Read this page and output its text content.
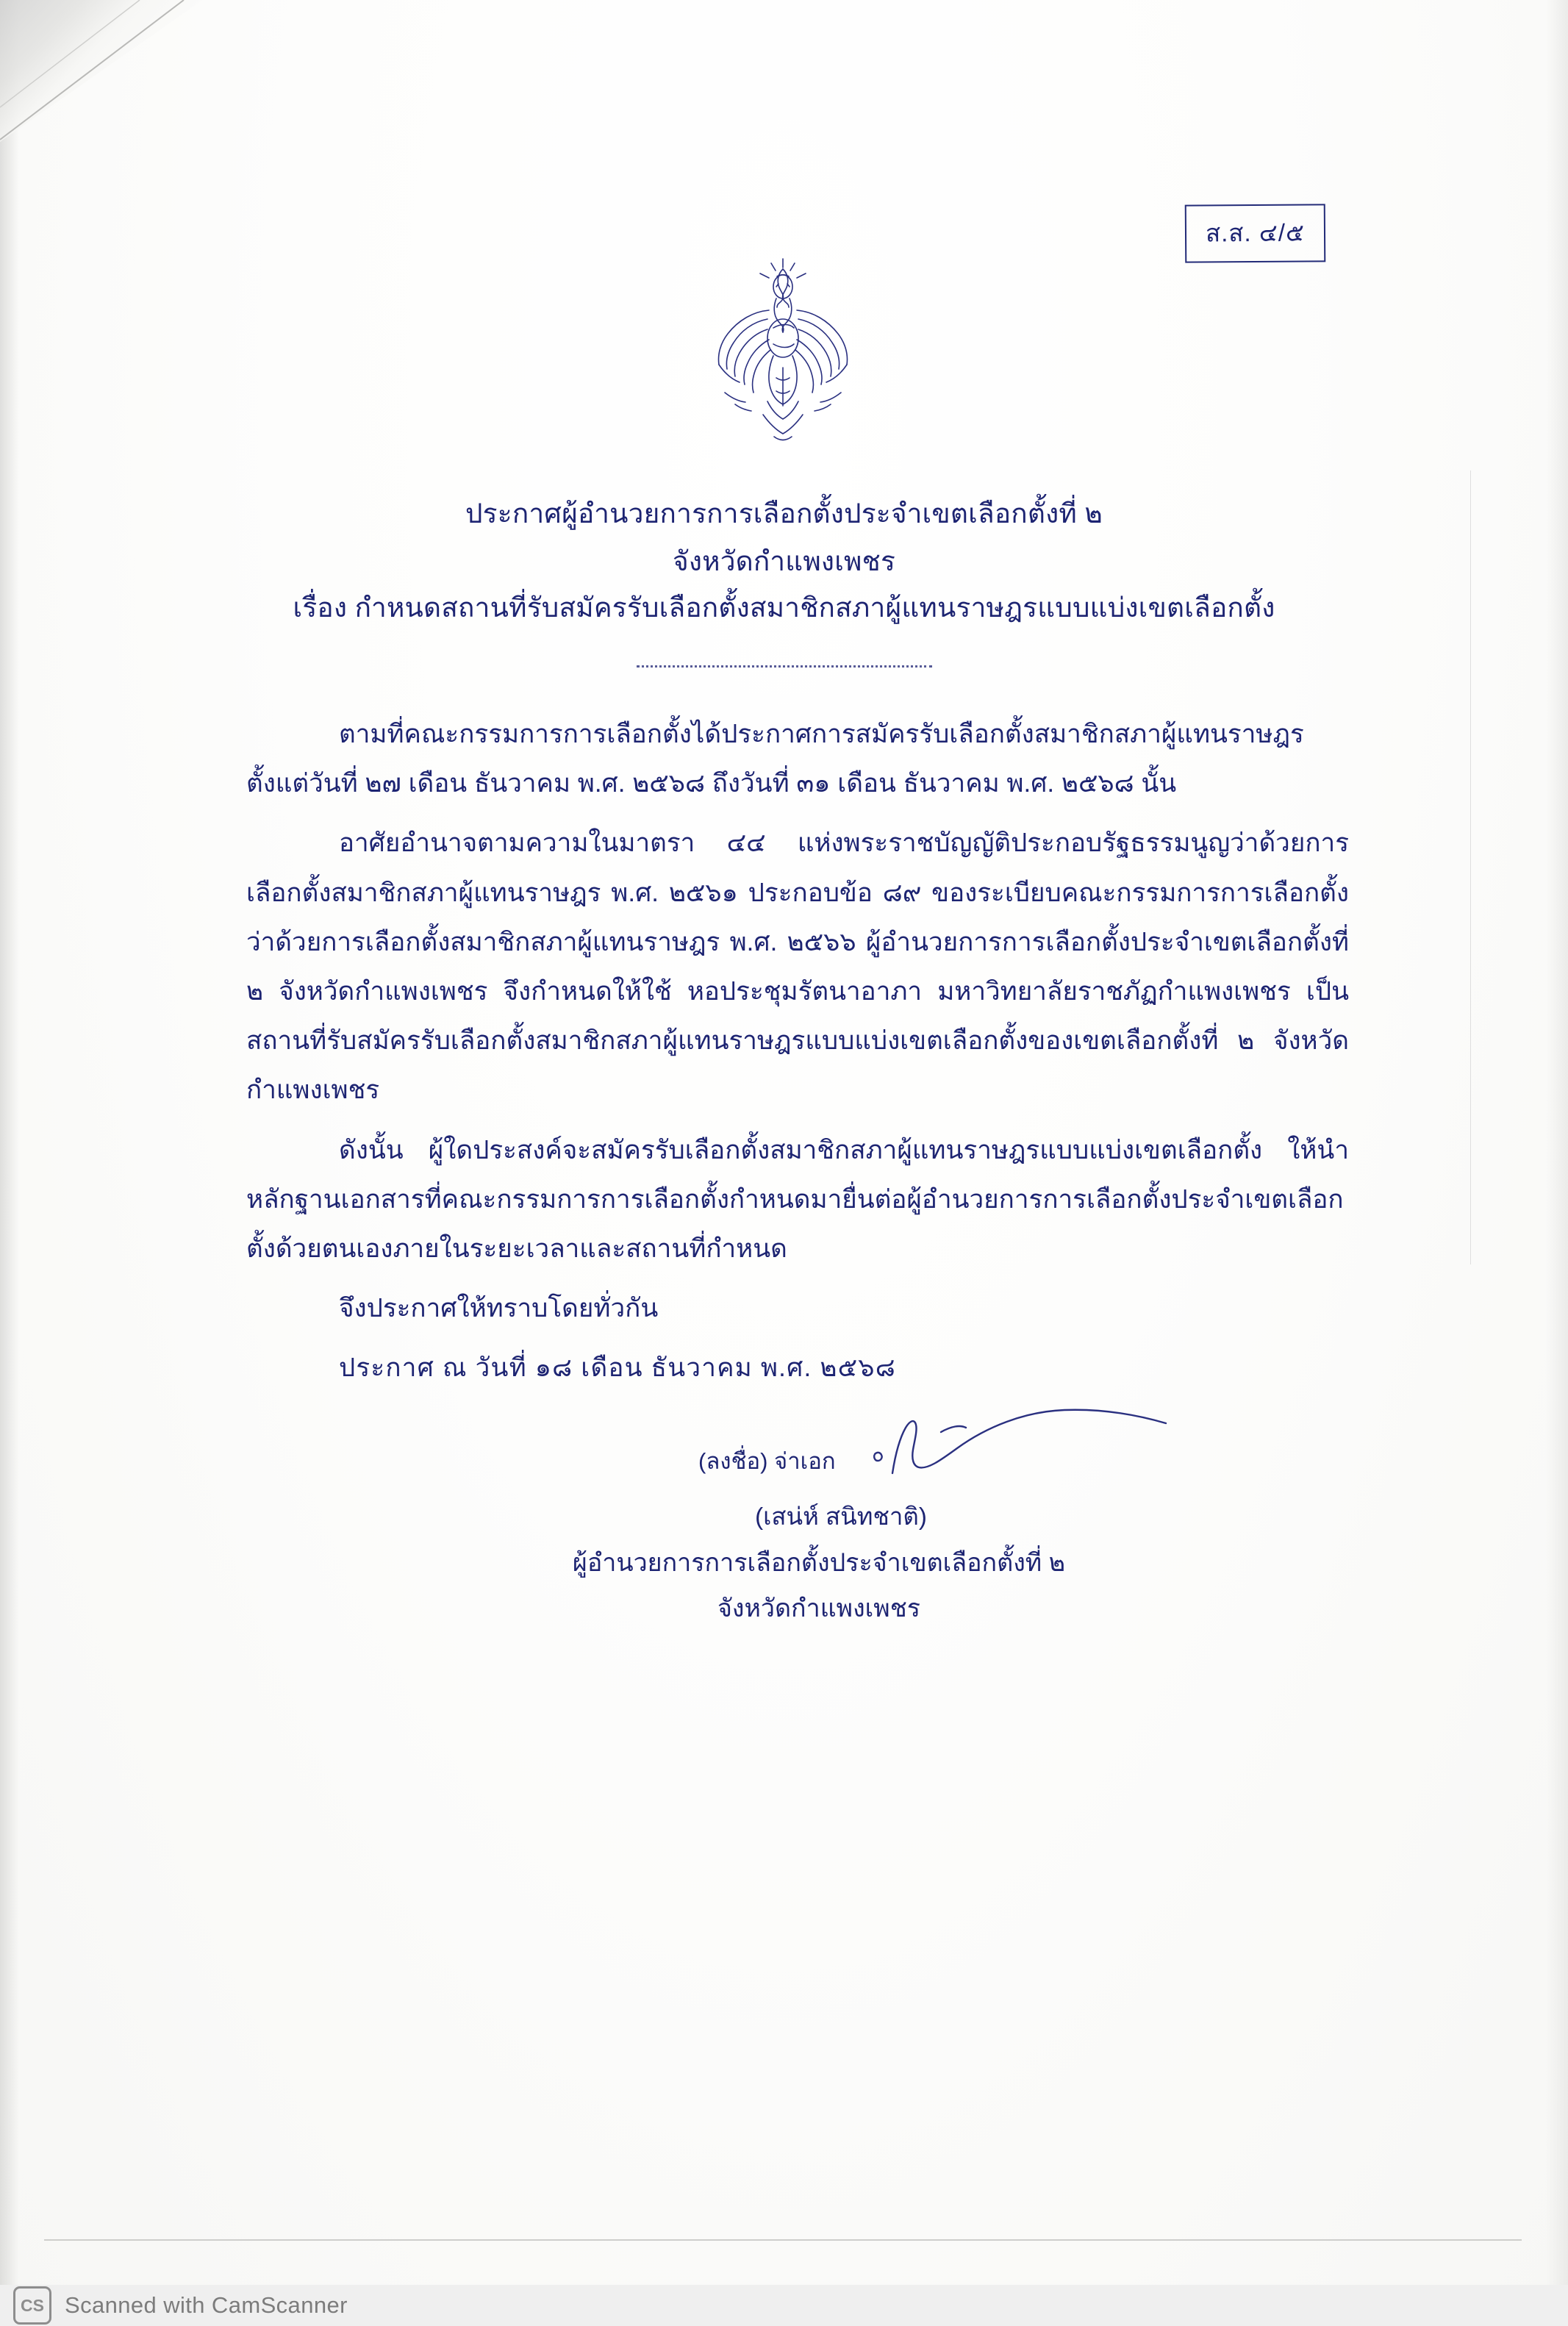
ส.ส. ๔/๕
ประกาศผู้อำนวยการการเลือกตั้งประจำเขตเลือกตั้งที่ ๒
จังหวัดกำแพงเพชร
เรื่อง กำหนดสถานที่รับสมัครรับเลือกตั้งสมาชิกสภาผู้แทนราษฎรแบบแบ่งเขตเลือกตั้ง

ตามที่คณะกรรมการการเลือกตั้งได้ประกาศการสมัครรับเลือกตั้งสมาชิกสภาผู้แทนราษฎร ตั้งแต่วันที่ ๒๗ เดือน ธันวาคม พ.ศ. ๒๕๖๘ ถึงวันที่ ๓๑ เดือน ธันวาคม พ.ศ. ๒๕๖๘ นั้น

อาศัยอำนาจตามความในมาตรา ๔๔ แห่งพระราชบัญญัติประกอบรัฐธรรมนูญว่าด้วยการเลือกตั้งสมาชิกสภาผู้แทนราษฎร พ.ศ. ๒๕๖๑ ประกอบข้อ ๘๙ ของระเบียบคณะกรรมการการเลือกตั้งว่าด้วยการเลือกตั้งสมาชิกสภาผู้แทนราษฎร พ.ศ. ๒๕๖๖ ผู้อำนวยการการเลือกตั้งประจำเขตเลือกตั้งที่ ๒ จังหวัดกำแพงเพชร จึงกำหนดให้ใช้ หอประชุมรัตนาอาภา มหาวิทยาลัยราชภัฏกำแพงเพชร เป็นสถานที่รับสมัครรับเลือกตั้งสมาชิกสภาผู้แทนราษฎรแบบแบ่งเขตเลือกตั้งของเขตเลือกตั้งที่ ๒ จังหวัดกำแพงเพชร

ดังนั้น ผู้ใดประสงค์จะสมัครรับเลือกตั้งสมาชิกสภาผู้แทนราษฎรแบบแบ่งเขตเลือกตั้ง ให้นำหลักฐานเอกสารที่คณะกรรมการการเลือกตั้งกำหนดมายื่นต่อผู้อำนวยการการเลือกตั้งประจำเขตเลือกตั้งด้วยตนเองภายในระยะเวลาและสถานที่กำหนด

จึงประกาศให้ทราบโดยทั่วกัน

ประกาศ ณ วันที่ ๑๘ เดือน ธันวาคม พ.ศ. ๒๕๖๘

(ลงชื่อ) จ่าเอก
(เสน่ห์ สนิทชาติ)
ผู้อำนวยการการเลือกตั้งประจำเขตเลือกตั้งที่ ๒
จังหวัดกำแพงเพชร
CS Scanned with CamScanner
